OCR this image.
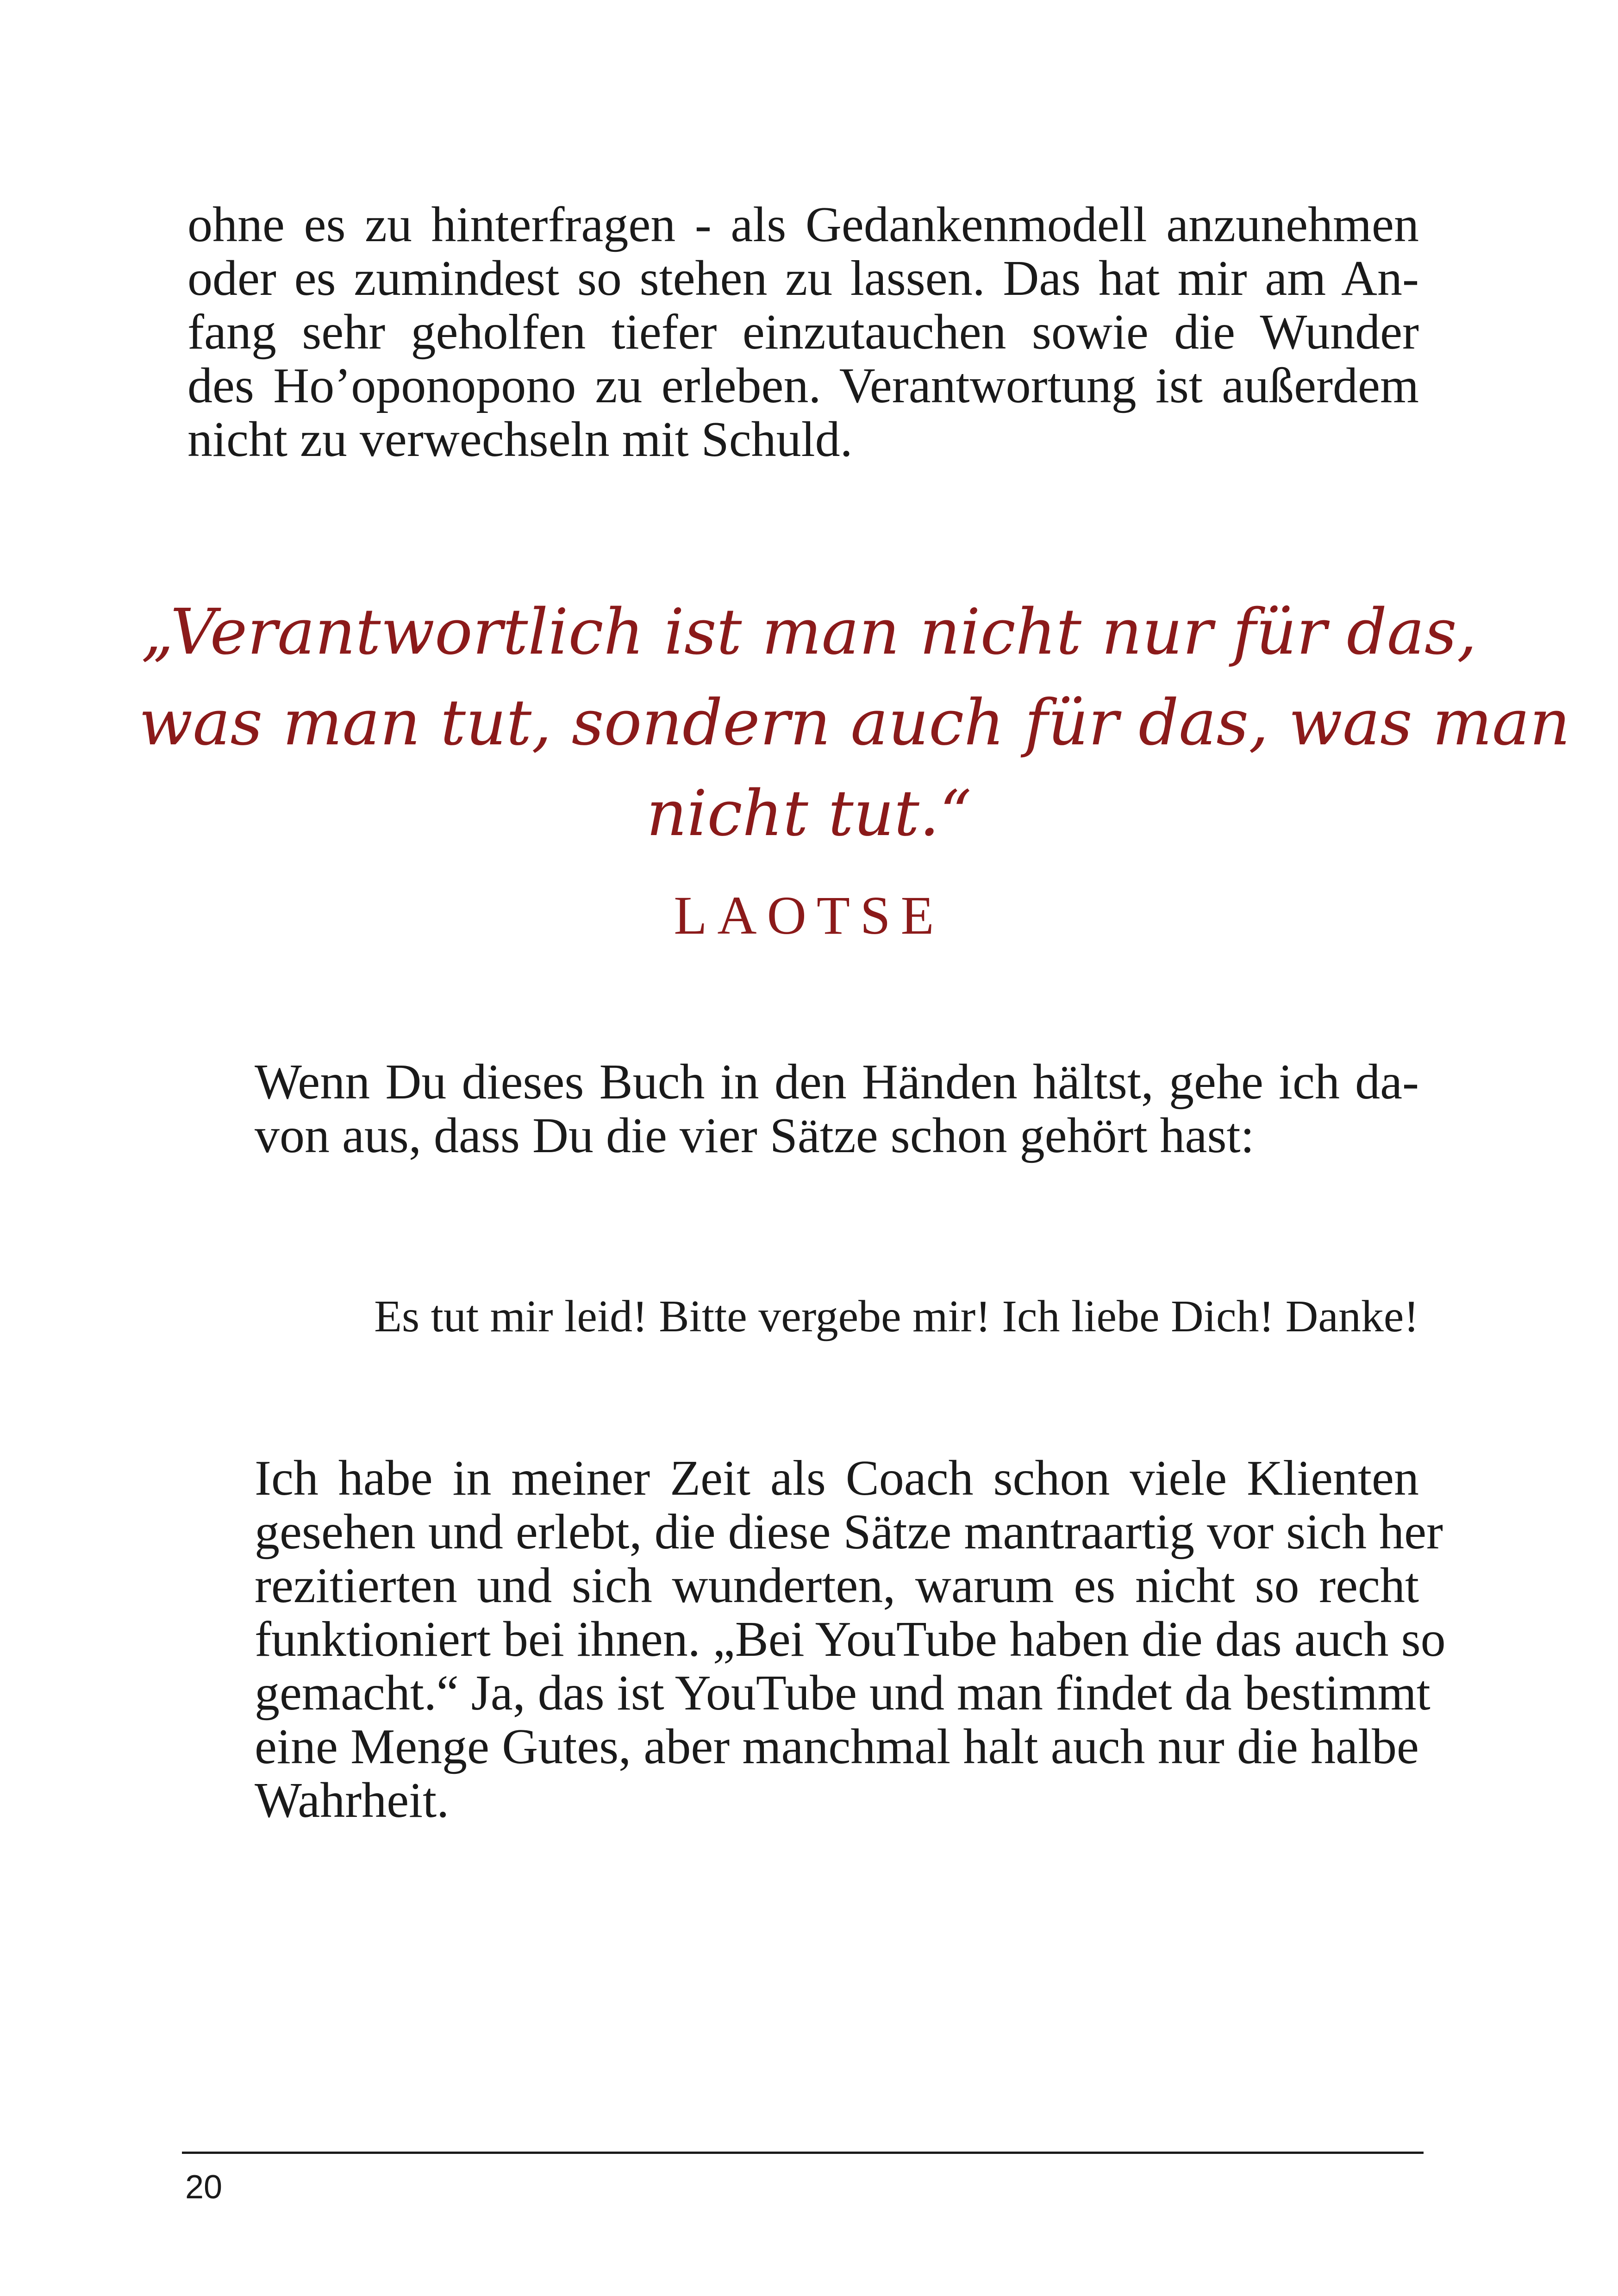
ohne es zu hinterfragen - als Gedankenmodell anzunehmen
oder es zumindest so stehen zu lassen. Das hat mir am An-
fang sehr geholfen tiefer einzutauchen sowie die Wunder
des Ho’oponopono zu erleben. Verantwortung ist außerdem
nicht zu verwechseln mit Schuld.
„Verantwortlich ist man nicht nur für das,
was man tut, sondern auch für das, was man
nicht tut.“
LAOTSE
Wenn Du dieses Buch in den Händen hältst, gehe ich da-
von aus, dass Du die vier Sätze schon gehört hast:
Es tut mir leid! Bitte vergebe mir! Ich liebe Dich! Danke!
Ich habe in meiner Zeit als Coach schon viele Klienten
gesehen und erlebt, die diese Sätze mantraartig vor sich her
rezitierten und sich wunderten, warum es nicht so recht
funktioniert bei ihnen. „Bei YouTube haben die das auch so
gemacht.“ Ja, das ist YouTube und man findet da bestimmt
eine Menge Gutes, aber manchmal halt auch nur die halbe
Wahrheit.
20
